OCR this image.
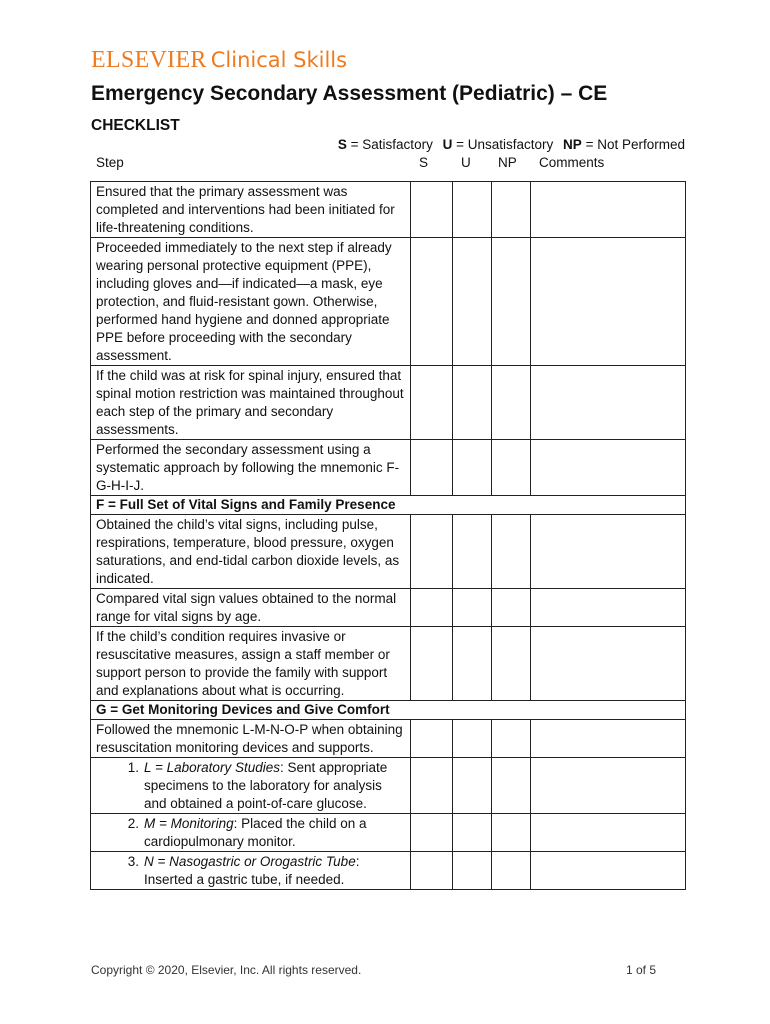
ELSEVIER Clinical Skills
Emergency Secondary Assessment (Pediatric) – CE
CHECKLIST
S = Satisfactory U = Unsatisfactory NP = Not Performed
Step	S U NP Comments
Ensured that the primary assessment was completed and interventions had been initiated for life-threatening conditions.
Proceeded immediately to the next step if already wearing personal protective equipment (PPE), including gloves and—if indicated—a mask, eye protection, and fluid-resistant gown. Otherwise, performed hand hygiene and donned appropriate PPE before proceeding with the secondary assessment.
If the child was at risk for spinal injury, ensured that spinal motion restriction was maintained throughout each step of the primary and secondary assessments.
Performed the secondary assessment using a systematic approach by following the mnemonic F-G-H-I-J.
F = Full Set of Vital Signs and Family Presence
Obtained the child’s vital signs, including pulse, respirations, temperature, blood pressure, oxygen saturations, and end-tidal carbon dioxide levels, as indicated.
Compared vital sign values obtained to the normal range for vital signs by age.
If the child’s condition requires invasive or resuscitative measures, assign a staff member or support person to provide the family with support and explanations about what is occurring.
G = Get Monitoring Devices and Give Comfort
Followed the mnemonic L-M-N-O-P when obtaining resuscitation monitoring devices and supports.
1. L = Laboratory Studies: Sent appropriate specimens to the laboratory for analysis and obtained a point-of-care glucose.
2. M = Monitoring: Placed the child on a cardiopulmonary monitor.
3. N = Nasogastric or Orogastric Tube: Inserted a gastric tube, if needed.
Copyright © 2020, Elsevier, Inc. All rights reserved.	1 of 5
